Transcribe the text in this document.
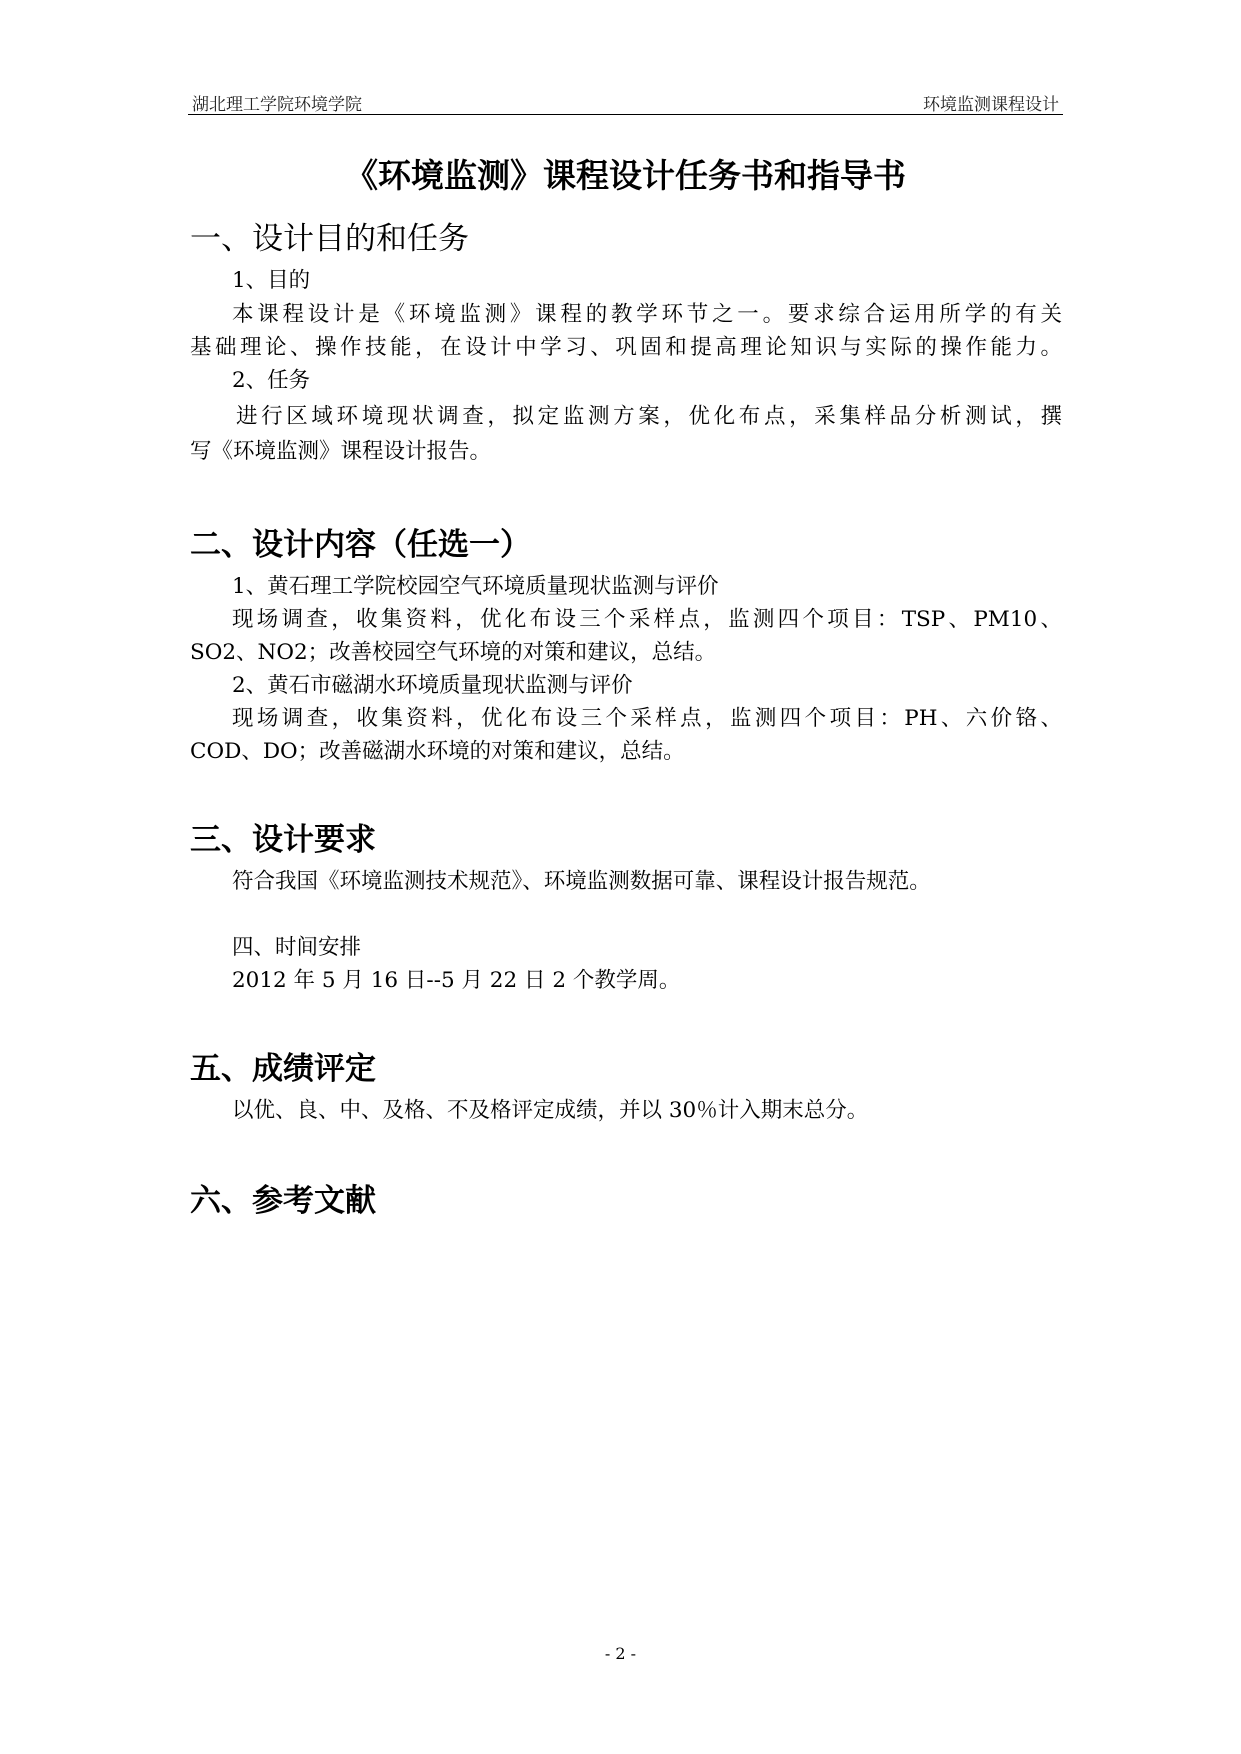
湖北理工学院环境学院	环境监测课程设计
《环境监测》课程设计任务书和指导书
一、设计目的和任务
1、目的
本课程设计是《环境监测》课程的教学环节之一。要求综合运用所学的有关
基础理论、操作技能，在设计中学习、巩固和提高理论知识与实际的操作能力。
2、任务
进行区域环境现状调查，拟定监测方案，优化布点，采集样品分析测试，撰
写《环境监测》课程设计报告。
二、设计内容（任选一）
1、黄石理工学院校园空气环境质量现状监测与评价
现场调查，收集资料，优化布设三个采样点，监测四个项目：TSP、PM10、
SO2、NO2；改善校园空气环境的对策和建议，总结。
2、黄石市磁湖水环境质量现状监测与评价
现场调查，收集资料，优化布设三个采样点，监测四个项目：PH、六价铬、
COD、DO；改善磁湖水环境的对策和建议，总结。
三、设计要求
符合我国《环境监测技术规范》、环境监测数据可靠、课程设计报告规范。
四、时间安排
2012 年 5 月 16 日--5 月 22 日 2 个教学周。
五、成绩评定
以优、良、中、及格、不及格评定成绩，并以 30％计入期末总分。
六、参考文献
- 2 -
